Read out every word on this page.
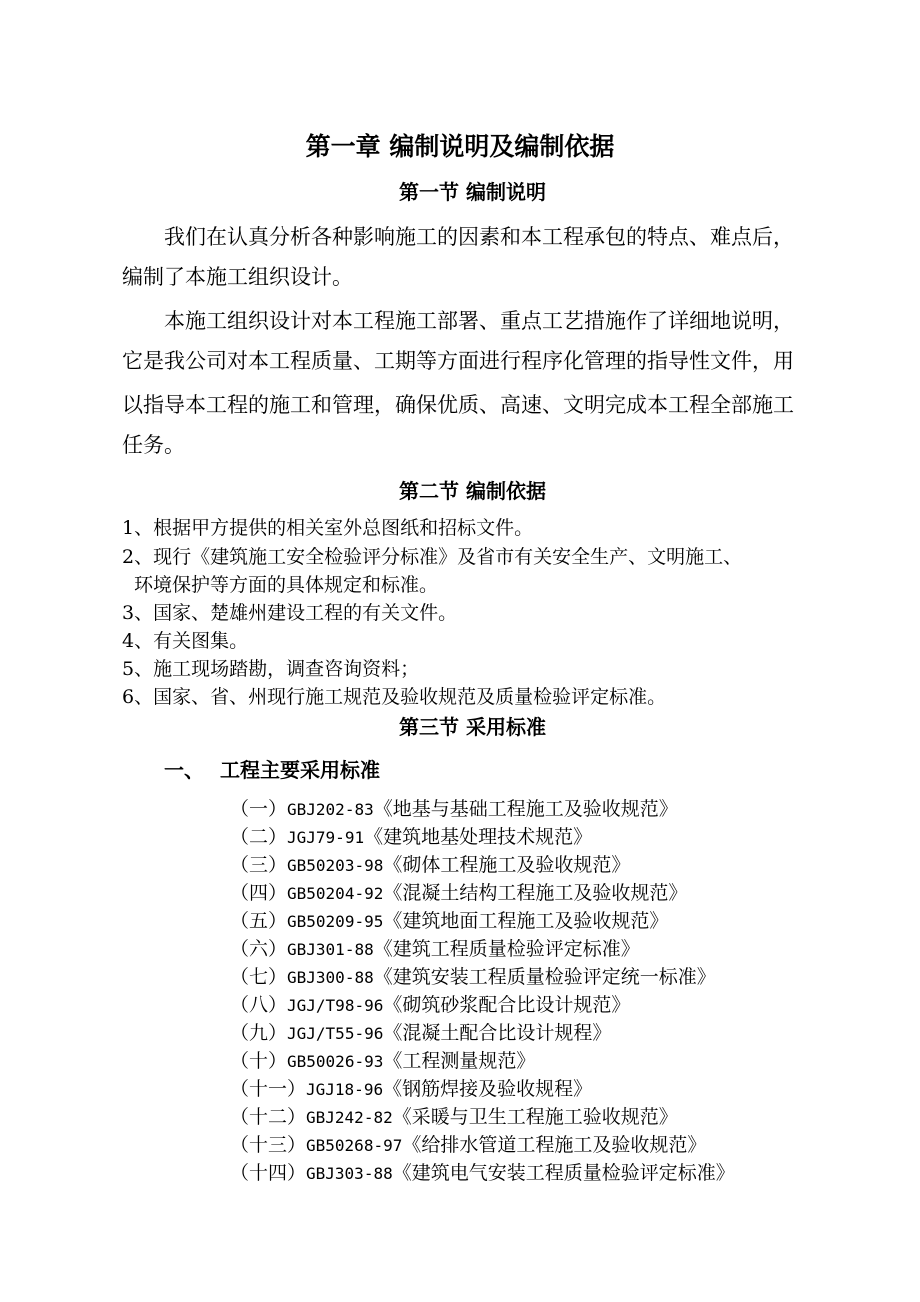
第一章 编制说明及编制依据
第一节 编制说明
我们在认真分析各种影响施工的因素和本工程承包的特点、难点后，
编制了本施工组织设计。
本施工组织设计对本工程施工部署、重点工艺措施作了详细地说明，
它是我公司对本工程质量、工期等方面进行程序化管理的指导性文件，用
以指导本工程的施工和管理，确保优质、高速、文明完成本工程全部施工
任务。
第二节 编制依据
1、根据甲方提供的相关室外总图纸和招标文件。
2、现行《建筑施工安全检验评分标准》及省市有关安全生产、文明施工、
环境保护等方面的具体规定和标准。
3、国家、楚雄州建设工程的有关文件。
4、有关图集。
5、施工现场踏勘，调查咨询资料；
6、国家、省、州现行施工规范及验收规范及质量检验评定标准。
第三节 采用标准
一、 工程主要采用标准
（一）GBJ202-83《地基与基础工程施工及验收规范》
（二）JGJ79-91《建筑地基处理技术规范》
（三）GB50203-98《砌体工程施工及验收规范》
（四）GB50204-92《混凝土结构工程施工及验收规范》
（五）GB50209-95《建筑地面工程施工及验收规范》
（六）GBJ301-88《建筑工程质量检验评定标准》
（七）GBJ300-88《建筑安装工程质量检验评定统一标准》
（八）JGJ/T98-96《砌筑砂浆配合比设计规范》
（九）JGJ/T55-96《混凝土配合比设计规程》
（十）GB50026-93《工程测量规范》
（十一）JGJ18-96《钢筋焊接及验收规程》
（十二）GBJ242-82《采暖与卫生工程施工验收规范》
（十三）GB50268-97《给排水管道工程施工及验收规范》
（十四）GBJ303-88《建筑电气安装工程质量检验评定标准》
